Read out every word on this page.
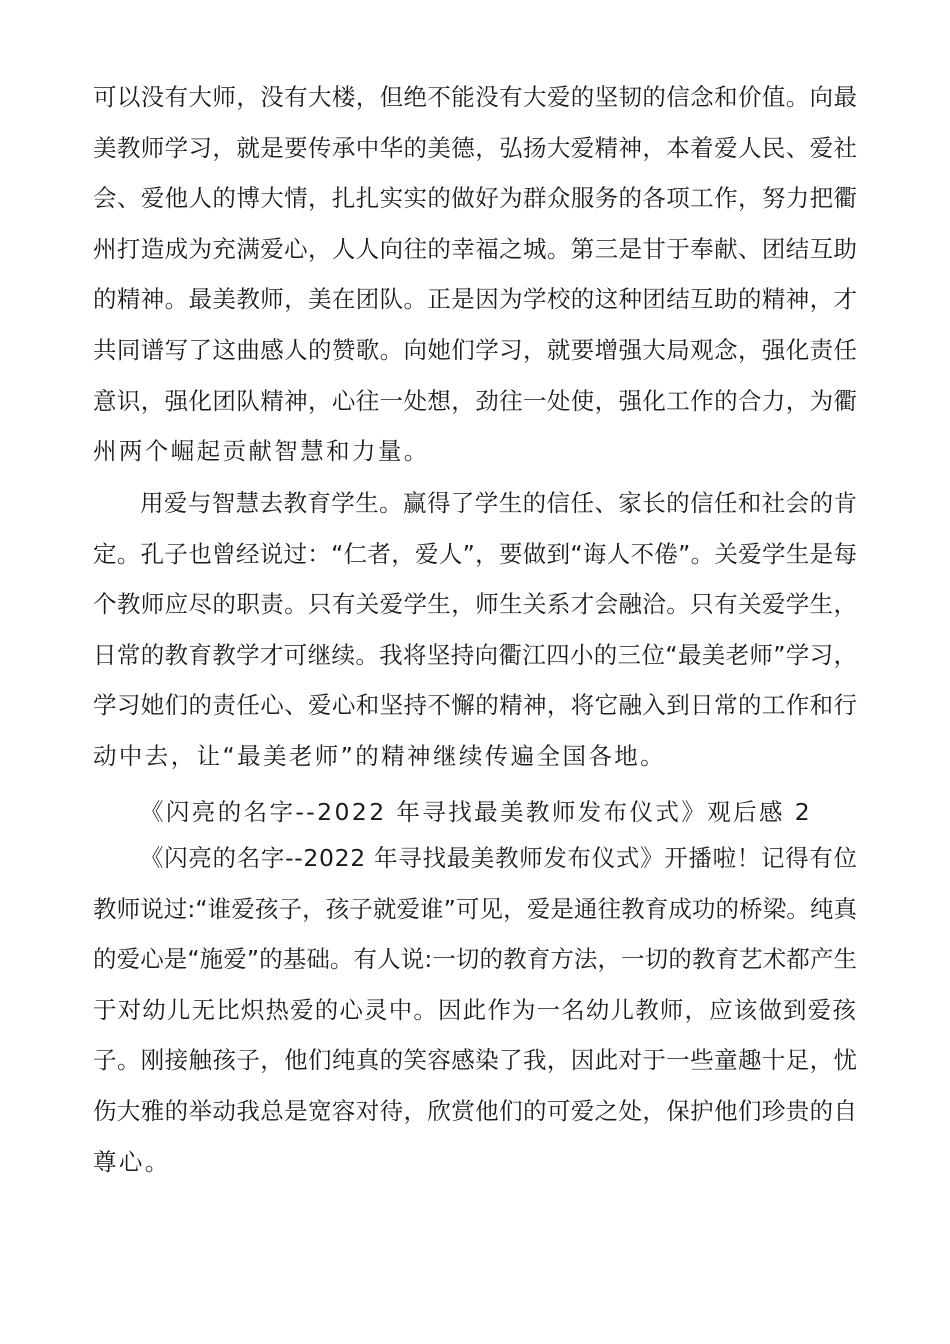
可以没有大师，没有大楼，但绝不能没有大爱的坚韧的信念和价值。向最
美教师学习，就是要传承中华的美德，弘扬大爱精神，本着爱人民、爱社
会、爱他人的博大情，扎扎实实的做好为群众服务的各项工作，努力把衢
州打造成为充满爱心，人人向往的幸福之城。第三是甘于奉献、团结互助
的精神。最美教师，美在团队。正是因为学校的这种团结互助的精神，才
共同谱写了这曲感人的赞歌。向她们学习，就要增强大局观念，强化责任
意识，强化团队精神，心往一处想，劲往一处使，强化工作的合力，为衢
州两个崛起贡献智慧和力量。
用爱与智慧去教育学生。赢得了学生的信任、家长的信任和社会的肯
定。孔子也曾经说过：“仁者，爱人”，要做到“诲人不倦”。关爱学生是每
个教师应尽的职责。只有关爱学生，师生关系才会融洽。只有关爱学生，
日常的教育教学才可继续。我将坚持向衢江四小的三位“最美老师”学习，
学习她们的责任心、爱心和坚持不懈的精神，将它融入到日常的工作和行
动中去，让“最美老师”的精神继续传遍全国各地。

《闪亮的名字--2022 年寻找最美教师发布仪式》观后感 2

《闪亮的名字--2022 年寻找最美教师发布仪式》开播啦！记得有位
教师说过:“谁爱孩子，孩子就爱谁”可见，爱是通往教育成功的桥梁。纯真
的爱心是“施爱”的基础。有人说:一切的教育方法，一切的教育艺术都产生
于对幼儿无比炽热爱的心灵中。因此作为一名幼儿教师，应该做到爱孩
子。刚接触孩子，他们纯真的笑容感染了我，因此对于一些童趣十足，忧
伤大雅的举动我总是宽容对待，欣赏他们的可爱之处，保护他们珍贵的自
尊心。
